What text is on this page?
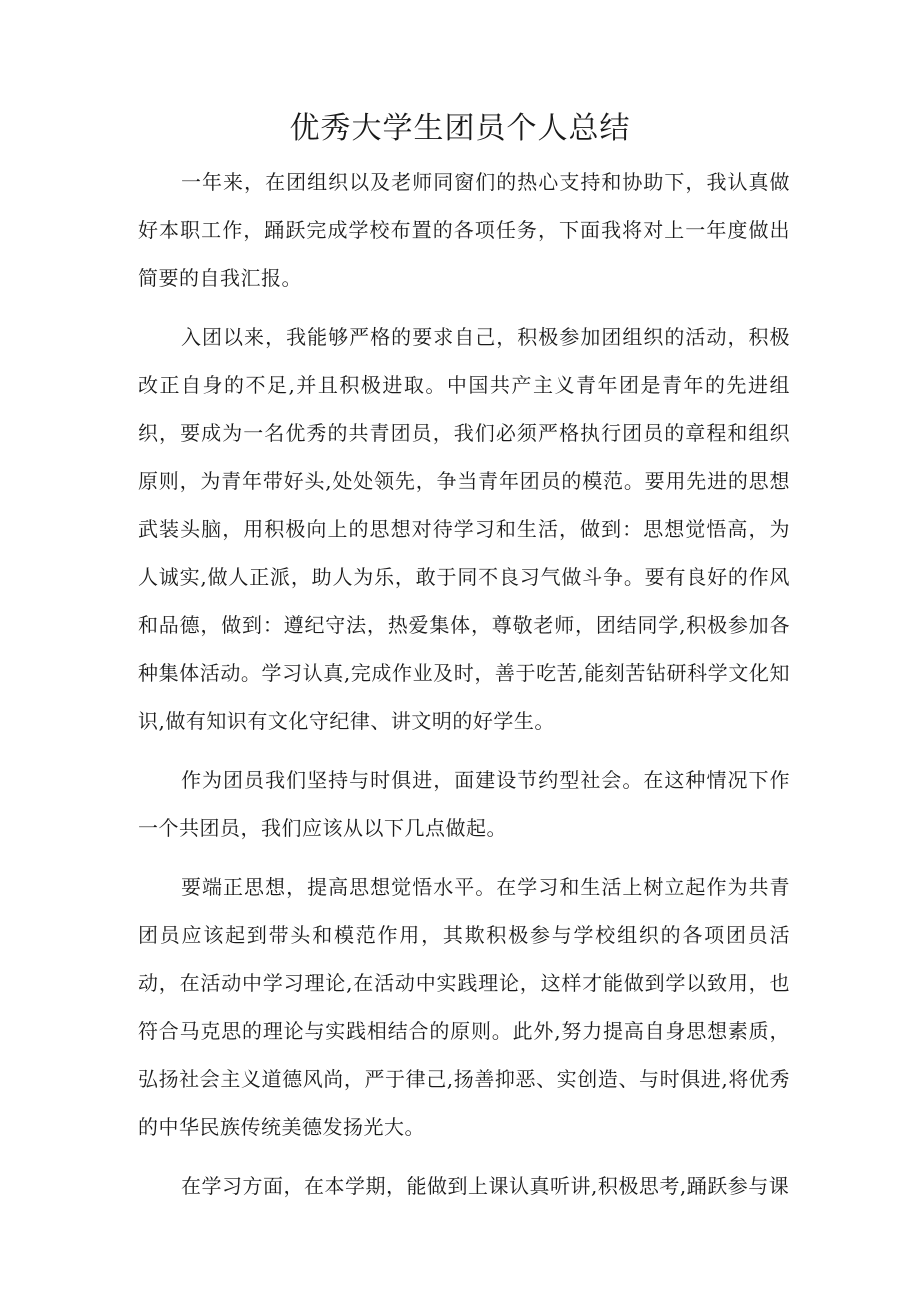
优秀大学生团员个人总结

一年来，在团组织以及老师同窗们的热心支持和协助下，我认真做好本职工作，踊跃完成学校布置的各项任务，下面我将对上一年度做出简要的自我汇报。

入团以来，我能够严格的要求自己，积极参加团组织的活动，积极改正自身的不足,并且积极进取。中国共产主义青年团是青年的先进组织，要成为一名优秀的共青团员，我们必须严格执行团员的章程和组织原则，为青年带好头,处处领先，争当青年团员的模范。要用先进的思想武装头脑，用积极向上的思想对待学习和生活，做到：思想觉悟高，为人诚实,做人正派，助人为乐，敢于同不良习气做斗争。要有良好的作风和品德，做到：遵纪守法，热爱集体，尊敬老师，团结同学,积极参加各种集体活动。学习认真,完成作业及时，善于吃苦,能刻苦钻研科学文化知识,做有知识有文化守纪律、讲文明的好学生。

作为团员我们坚持与时俱进，面建设节约型社会。在这种情况下作一个共团员，我们应该从以下几点做起。

要端正思想，提高思想觉悟水平。在学习和生活上树立起作为共青团员应该起到带头和模范作用，其欺积极参与学校组织的各项团员活动，在活动中学习理论,在活动中实践理论，这样才能做到学以致用，也符合马克思的理论与实践相结合的原则。此外,努力提高自身思想素质，弘扬社会主义道德风尚，严于律己,扬善抑恶、实创造、与时俱进,将优秀的中华民族传统美德发扬光大。

在学习方面，在本学期，能做到上课认真听讲,积极思考,踊跃参与课
